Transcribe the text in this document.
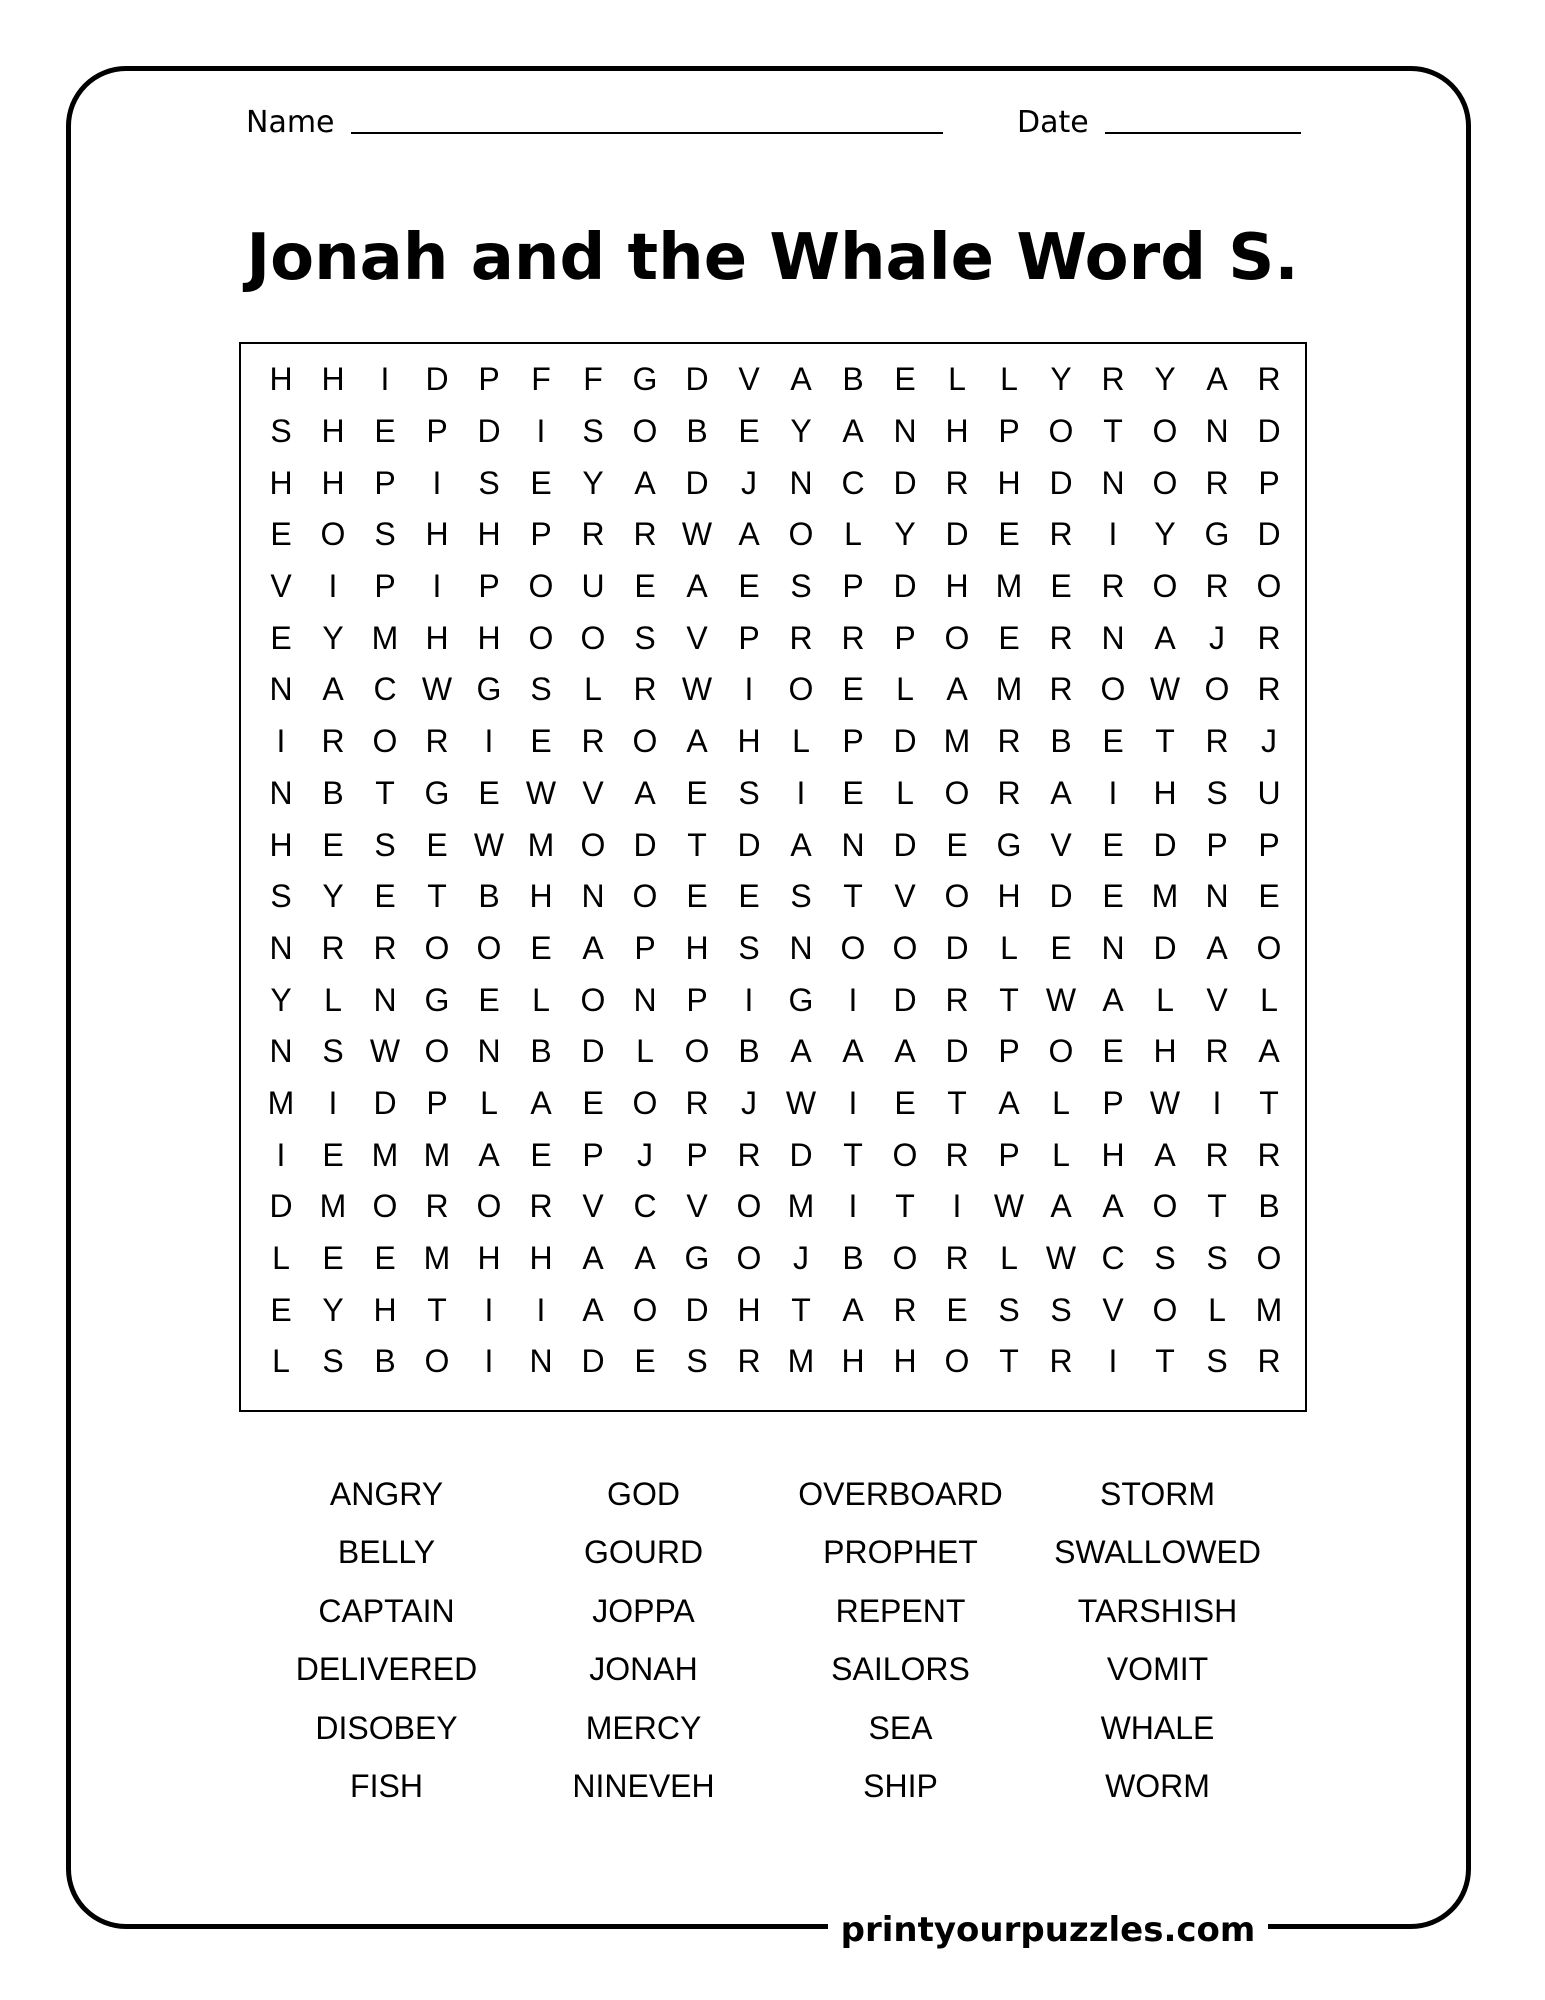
Name	Date
Jonah and the Whale Word S.
H H	I	D P F	F G D V A B E	L	L	Y R Y A R
S H E P D	I	S O B E Y A N H P O T O N D
H H P	I	S E Y A D	J	N C D R H D N O R P
E O S H H P R R W A O L	Y D E R	I	Y G D
V	I	P	I	P O U E A E S P D H M E R O R O
E Y M H H O O S V P R R P O E R N A	J	R
N A C W G S	L R W	I	O E	L	A M R O W O R
I	R O R	I	E R O A H L	P D M R B E T R	J
N B T G E W V A E S	I	E	L O R A	I	H S U
H E S E W M O D T D A N D E G V E D P P
S Y E T B H N O E E S T V O H D E M N E
N R R O O E A P H S N O O D L	E N D A O
Y	L N G E	L O N P	I	G	I	D R T W A	L	V	L
N S W O N B D L O B A A A D P O E H R A
M	I	D P	L	A E O R	J W	I	E T A	L	P W	I	T
I	E M M A E P	J	P R D T O R P	L H A R R
D M O R O R V C V O M	I	T	I	W A A O T B
L	E E M H H A A G O J	B O R L W C S S O
E Y H T	I	I	A O D H T A R E S S V O L M
L	S B O	I	N D E S R M H H O T R	I	T S R
ANGRY	GOD	OVERBOARD	STORM
BELLY	GOURD	PROPHET	SWALLOWED
CAPTAIN	JOPPA	REPENT	TARSHISH
DELIVERED	JONAH	SAILORS	VOMIT
DISOBEY	MERCY	SEA	WHALE
FISH	NINEVEH	SHIP	WORM
printyourpuzzles.com
